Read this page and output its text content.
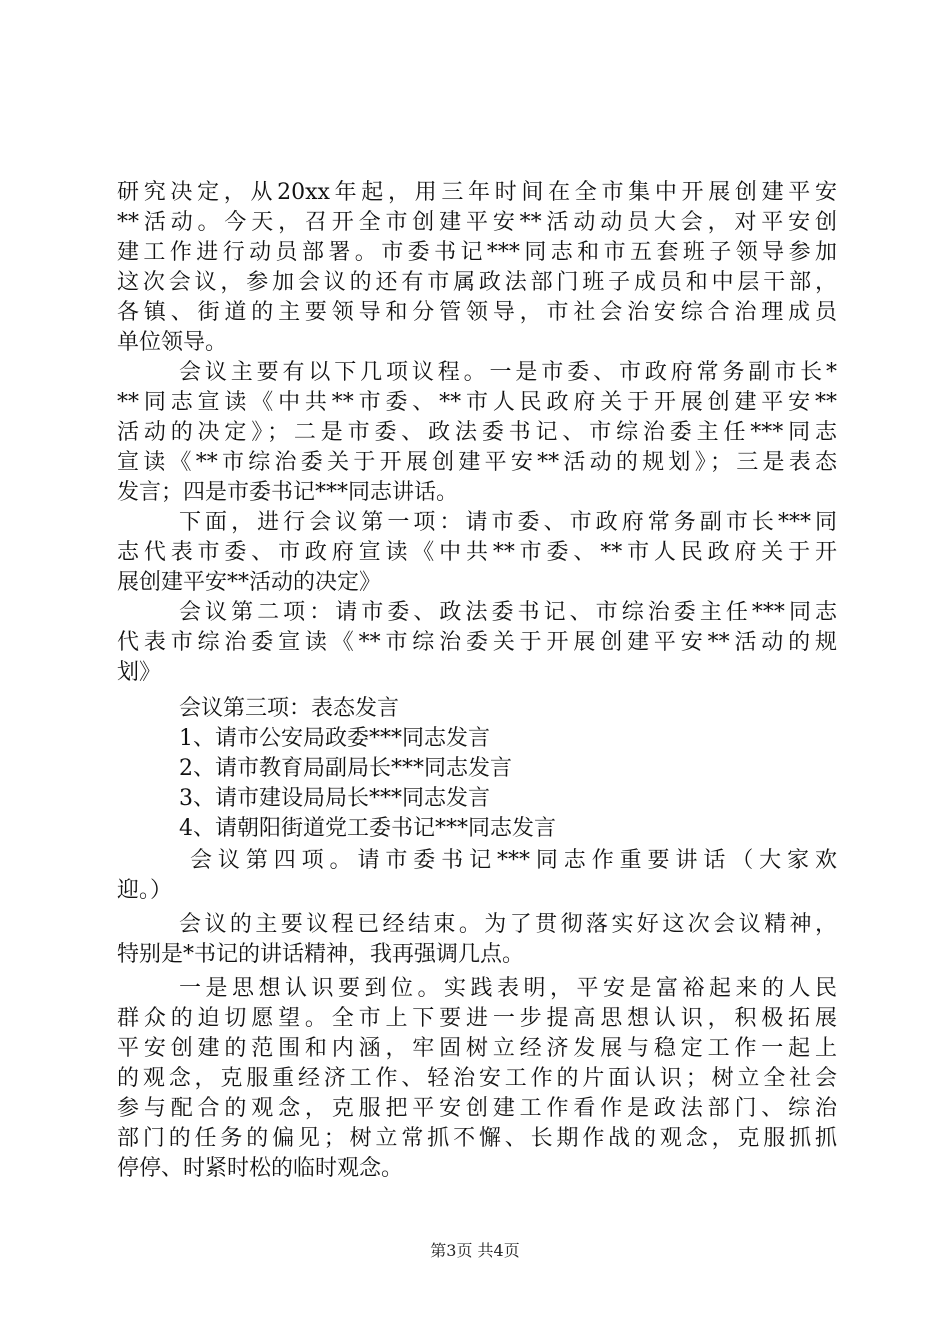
研究决定，从20xx年起，用三年时间在全市集中开展创建平安
**活动。今天，召开全市创建平安**活动动员大会，对平安创
建工作进行动员部署。市委书记***同志和市五套班子领导参加
这次会议，参加会议的还有市属政法部门班子成员和中层干部，
各镇、街道的主要领导和分管领导，市社会治安综合治理成员
单位领导。
会议主要有以下几项议程。一是市委、市政府常务副市长*
**同志宣读《中共**市委、**市人民政府关于开展创建平安**
活动的决定》；二是市委、政法委书记、市综治委主任***同志
宣读《**市综治委关于开展创建平安**活动的规划》；三是表态
发言；四是市委书记***同志讲话。
下面，进行会议第一项：请市委、市政府常务副市长***同
志代表市委、市政府宣读《中共**市委、**市人民政府关于开
展创建平安**活动的决定》
会议第二项：请市委、政法委书记、市综治委主任***同志
代表市综治委宣读《**市综治委关于开展创建平安**活动的规
划》
会议第三项：表态发言
1、请市公安局政委***同志发言
2、请市教育局副局长***同志发言
3、请市建设局局长***同志发言
4、请朝阳街道党工委书记***同志发言
会议第四项。请市委书记***同志作重要讲话（大家欢
迎。）
会议的主要议程已经结束。为了贯彻落实好这次会议精神，
特别是*书记的讲话精神，我再强调几点。
一是思想认识要到位。实践表明，平安是富裕起来的人民
群众的迫切愿望。全市上下要进一步提高思想认识，积极拓展
平安创建的范围和内涵，牢固树立经济发展与稳定工作一起上
的观念，克服重经济工作、轻治安工作的片面认识；树立全社会
参与配合的观念，克服把平安创建工作看作是政法部门、综治
部门的任务的偏见；树立常抓不懈、长期作战的观念，克服抓抓
停停、时紧时松的临时观念。
第3页 共4页
